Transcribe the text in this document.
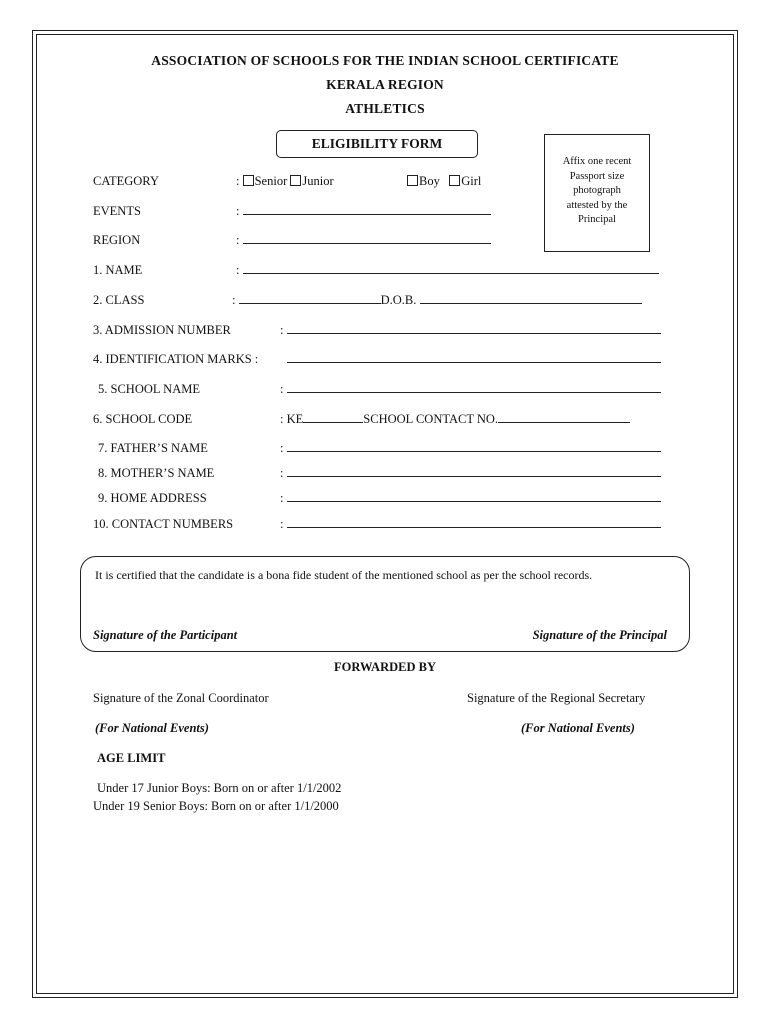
ASSOCIATION OF SCHOOLS FOR THE INDIAN SCHOOL CERTIFICATE
KERALA REGION
ATHLETICS
ELIGIBILITY FORM
Affix one recent
Passport size
photograph
attested by the
Principal
CATEGORY	: Senior Junior	Boy Girl
EVENTS	:
REGION	:
1. NAME	:
2. CLASS	:	D.O.B.
3. ADMISSION NUMBER	:
4. IDENTIFICATION MARKS :
5. SCHOOL NAME	:
6. SCHOOL CODE	: KE	SCHOOL CONTACT NO.
7. FATHER’S NAME	:
8. MOTHER’S NAME	:
9. HOME ADDRESS	:
10. CONTACT NUMBERS	:
It is certified that the candidate is a bona fide student of the mentioned school as per the school records.
Signature of the Participant	Signature of the Principal
FORWARDED BY
Signature of the Zonal Coordinator	Signature of the Regional Secretary
(For National Events)	(For National Events)
AGE LIMIT
Under 17 Junior Boys: Born on or after 1/1/2002
Under 19 Senior Boys: Born on or after 1/1/2000
